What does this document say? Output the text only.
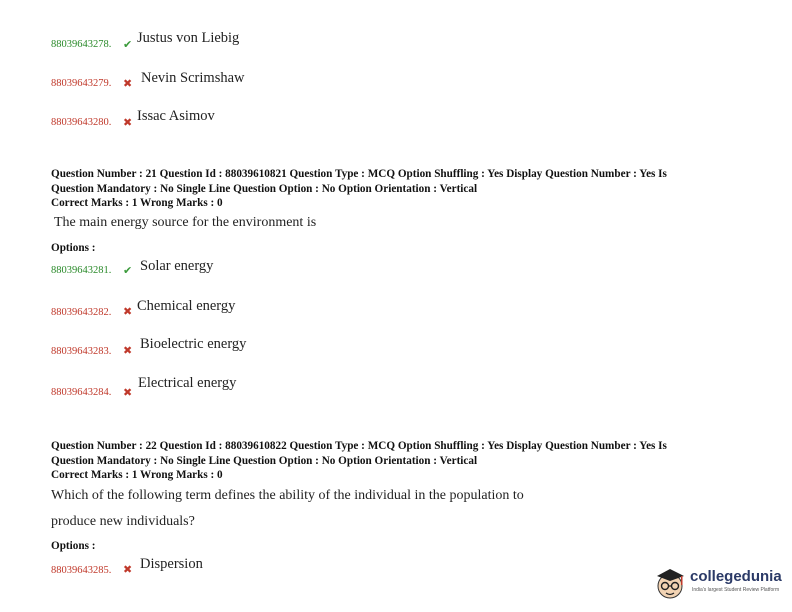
88039643278. ✔ Justus von Liebig
88039643279. ✖ Nevin Scrimshaw
88039643280. ✖ Issac Asimov
Question Number : 21 Question Id : 88039610821 Question Type : MCQ Option Shuffling : Yes Display Question Number : Yes Is
Question Mandatory : No Single Line Question Option : No Option Orientation : Vertical
Correct Marks : 1 Wrong Marks : 0
The main energy source for the environment is
Options :
88039643281. ✔ Solar energy
88039643282. ✖ Chemical energy
88039643283. ✖ Bioelectric energy
88039643284. ✖
Electrical energy
Question Number : 22 Question Id : 88039610822 Question Type : MCQ Option Shuffling : Yes Display Question Number : Yes Is
Question Mandatory : No Single Line Question Option : No Option Orientation : Vertical
Correct Marks : 1 Wrong Marks : 0
Which of the following term defines the ability of the individual in the population to
produce new individuals?
Options :
88039643285. ✖ Dispersion
collegedunia
India's largest Student Review Platform
